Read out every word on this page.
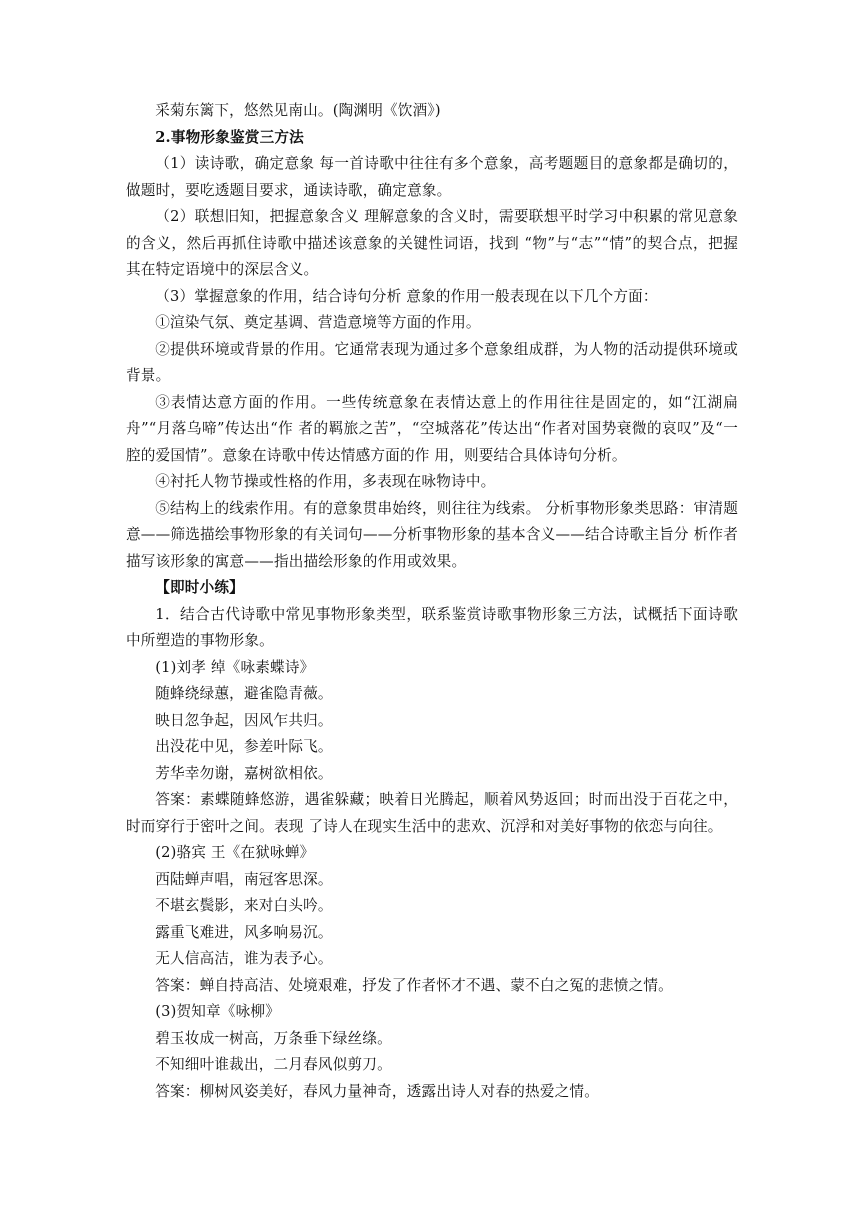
采菊东篱下，悠然见南山。(陶渊明《饮酒》)

2.事物形象鉴赏三方法

（1）读诗歌，确定意象 每一首诗歌中往往有多个意象，高考题题目的意象都是确切的，做题时，要吃透题目要求，通读诗歌，确定意象。

（2）联想旧知，把握意象含义 理解意象的含义时，需要联想平时学习中积累的常见意象的含义，然后再抓住诗歌中描述该意象的关键性词语，找到 “物”与“志”“情”的契合点，把握其在特定语境中的深层含义。

（3）掌握意象的作用，结合诗句分析 意象的作用一般表现在以下几个方面：

①渲染气氛、奠定基调、营造意境等方面的作用。

②提供环境或背景的作用。它通常表现为通过多个意象组成群，为人物的活动提供环境或背景。

③表情达意方面的作用。一些传统意象在表情达意上的作用往往是固定的，如“江湖扁舟”“月落乌啼”传达出“作 者的羁旅之苦”，“空城落花”传达出“作者对国势衰微的哀叹”及“一腔的爱国情”。意象在诗歌中传达情感方面的作 用，则要结合具体诗句分析。

④衬托人物节操或性格的作用，多表现在咏物诗中。

⑤结构上的线索作用。有的意象贯串始终，则往往为线索。 分析事物形象类思路：审清题意——筛选描绘事物形象的有关词句——分析事物形象的基本含义——结合诗歌主旨分 析作者描写该形象的寓意——指出描绘形象的作用或效果。

【即时小练】

1．结合古代诗歌中常见事物形象类型，联系鉴赏诗歌事物形象三方法，试概括下面诗歌中所塑造的事物形象。

(1)刘孝 绰《咏素蝶诗》

随蜂绕绿蕙，避雀隐青薇。

映日忽争起，因风乍共归。

出没花中见，参差叶际飞。

芳华幸勿谢，嘉树欲相依。

答案：素蝶随蜂悠游，遇雀躲藏；映着日光腾起，顺着风势返回；时而出没于百花之中，时而穿行于密叶之间。表现 了诗人在现实生活中的悲欢、沉浮和对美好事物的依恋与向往。

(2)骆宾 王《在狱咏蝉》

西陆蝉声唱，南冠客思深。

不堪玄鬓影，来对白头吟。

露重飞难进，风多响易沉。

无人信高洁，谁为表予心。

答案：蝉自持高洁、处境艰难，抒发了作者怀才不遇、蒙不白之冤的悲愤之情。

(3)贺知章《咏柳》

碧玉妆成一树高，万条垂下绿丝绦。

不知细叶谁裁出，二月春风似剪刀。

答案：柳树风姿美好，春风力量神奇，透露出诗人对春的热爱之情。
